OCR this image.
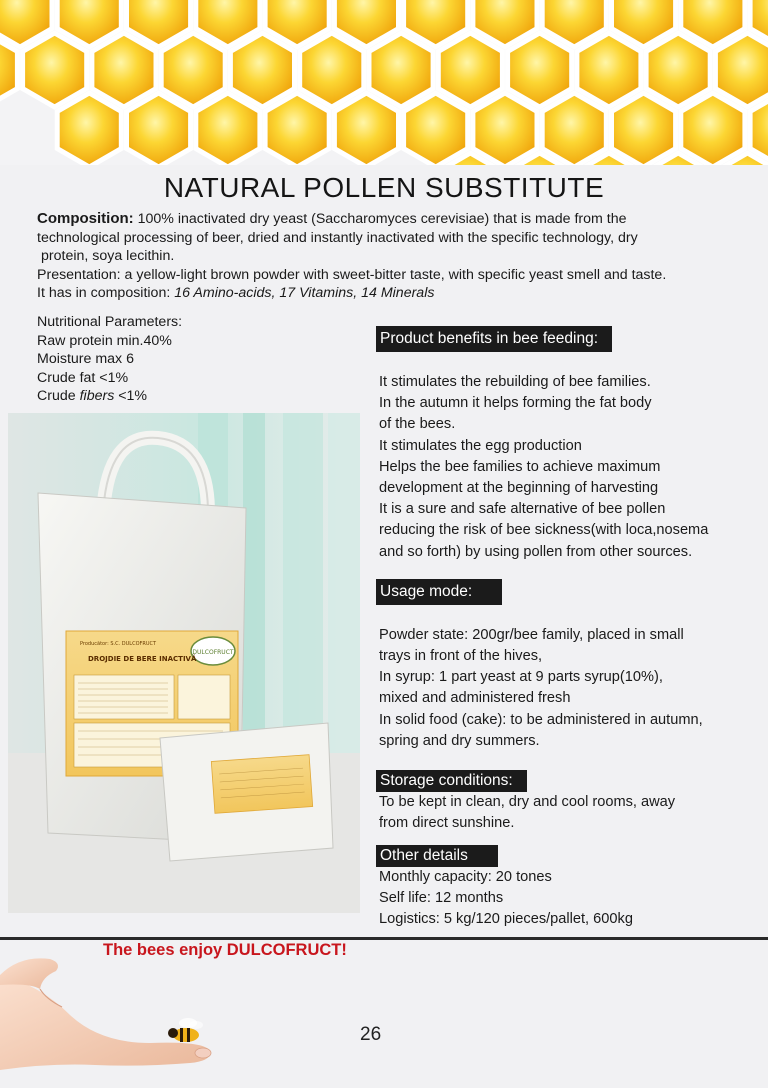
NATURAL POLLEN SUBSTITUTE

Composition: 100% inactivated dry yeast (Saccharomyces cerevisiae) that is made from the

technological processing of beer, dried and instantly inactivated with the specific technology, dry

protein, soya lecithin.

Presentation: a yellow-light brown powder with sweet-bitter taste, with specific yeast smell and taste.

It has in composition: 16 Amino-acids, 17 Vitamins, 14 Minerals

Nutritional Parameters:

Raw protein min.40%

Moisture max 6

Crude fat <1%

Crude fibers <1%

DULCOFRUCT
Producător: S.C. DULCOFRUCT
DROJDIE DE BERE INACTIVĂ
Product benefits in bee feeding:

It stimulates the rebuilding of bee families.

In the autumn it helps forming the fat body

of the bees.

It stimulates the egg production

Helps the bee families to achieve maximum

development at the beginning of harvesting

It is a sure and safe alternative of bee pollen

reducing the risk of bee sickness(with loca,nosema

and so forth) by using pollen from other sources.

Usage mode:

Powder state: 200gr/bee family, placed in small

trays in front of the hives,

In syrup: 1 part yeast at 9 parts syrup(10%),

mixed and administered fresh

In solid food (cake): to be administered in autumn,

spring and dry summers.

Storage conditions:

To be kept in clean, dry and cool rooms, away

from direct sunshine.

Other details

Monthly capacity: 20 tones

Self life: 12 months

Logistics: 5 kg/120 pieces/pallet, 600kg

The bees enjoy DULCOFRUCT!
26
